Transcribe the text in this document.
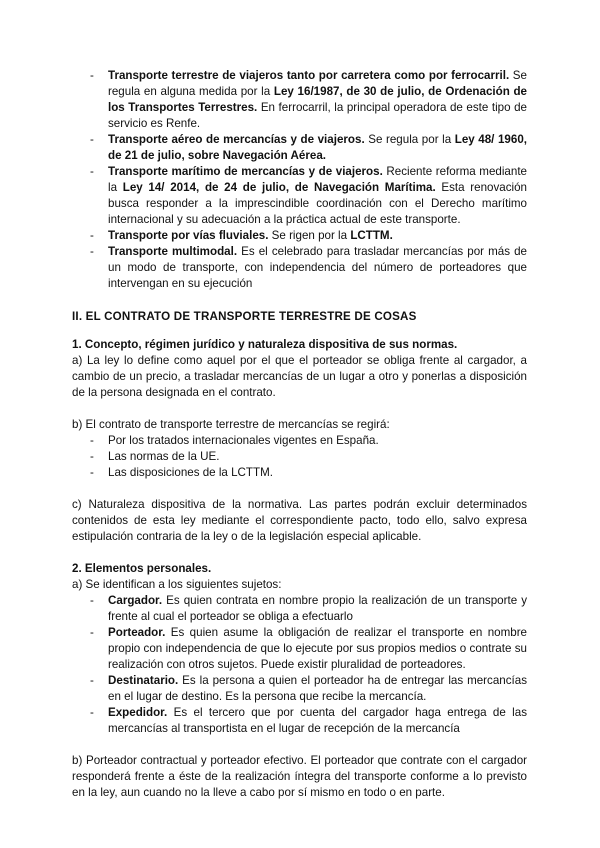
- Transporte terrestre de viajeros tanto por carretera como por ferrocarril. Se regula en alguna medida por la Ley 16/1987, de 30 de julio, de Ordenación de los Transportes Terrestres. En ferrocarril, la principal operadora de este tipo de servicio es Renfe.
- Transporte aéreo de mercancías y de viajeros. Se regula por la Ley 48/ 1960, de 21 de julio, sobre Navegación Aérea.
- Transporte marítimo de mercancías y de viajeros. Reciente reforma mediante la Ley 14/ 2014, de 24 de julio, de Navegación Marítima. Esta renovación busca responder a la imprescindible coordinación con el Derecho marítimo internacional y su adecuación a la práctica actual de este transporte.
- Transporte por vías fluviales. Se rigen por la LCTTM.
- Transporte multimodal. Es el celebrado para trasladar mercancías por más de un modo de transporte, con independencia del número de porteadores que intervengan en su ejecución
II. EL CONTRATO DE TRANSPORTE TERRESTRE DE COSAS
1. Concepto, régimen jurídico y naturaleza dispositiva de sus normas.

a) La ley lo define como aquel por el que el porteador se obliga frente al cargador, a cambio de un precio, a trasladar mercancías de un lugar a otro y ponerlas a disposición de la persona designada en el contrato.

b) El contrato de transporte terrestre de mercancías se regirá:

- Por los tratados internacionales vigentes en España.
- Las normas de la UE.
- Las disposiciones de la LCTTM.

c) Naturaleza dispositiva de la normativa. Las partes podrán excluir determinados contenidos de esta ley mediante el correspondiente pacto, todo ello, salvo expresa estipulación contraria de la ley o de la legislación especial aplicable.

2. Elementos personales.

a) Se identifican a los siguientes sujetos:

- Cargador. Es quien contrata en nombre propio la realización de un transporte y frente al cual el porteador se obliga a efectuarlo
- Porteador. Es quien asume la obligación de realizar el transporte en nombre propio con independencia de que lo ejecute por sus propios medios o contrate su realización con otros sujetos. Puede existir pluralidad de porteadores.
- Destinatario. Es la persona a quien el porteador ha de entregar las mercancías en el lugar de destino. Es la persona que recibe la mercancía.
- Expedidor. Es el tercero que por cuenta del cargador haga entrega de las mercancías al transportista en el lugar de recepción de la mercancía

b) Porteador contractual y porteador efectivo. El porteador que contrate con el cargador responderá frente a éste de la realización íntegra del transporte conforme a lo previsto en la ley, aun cuando no la lleve a cabo por sí mismo en todo o en parte.
